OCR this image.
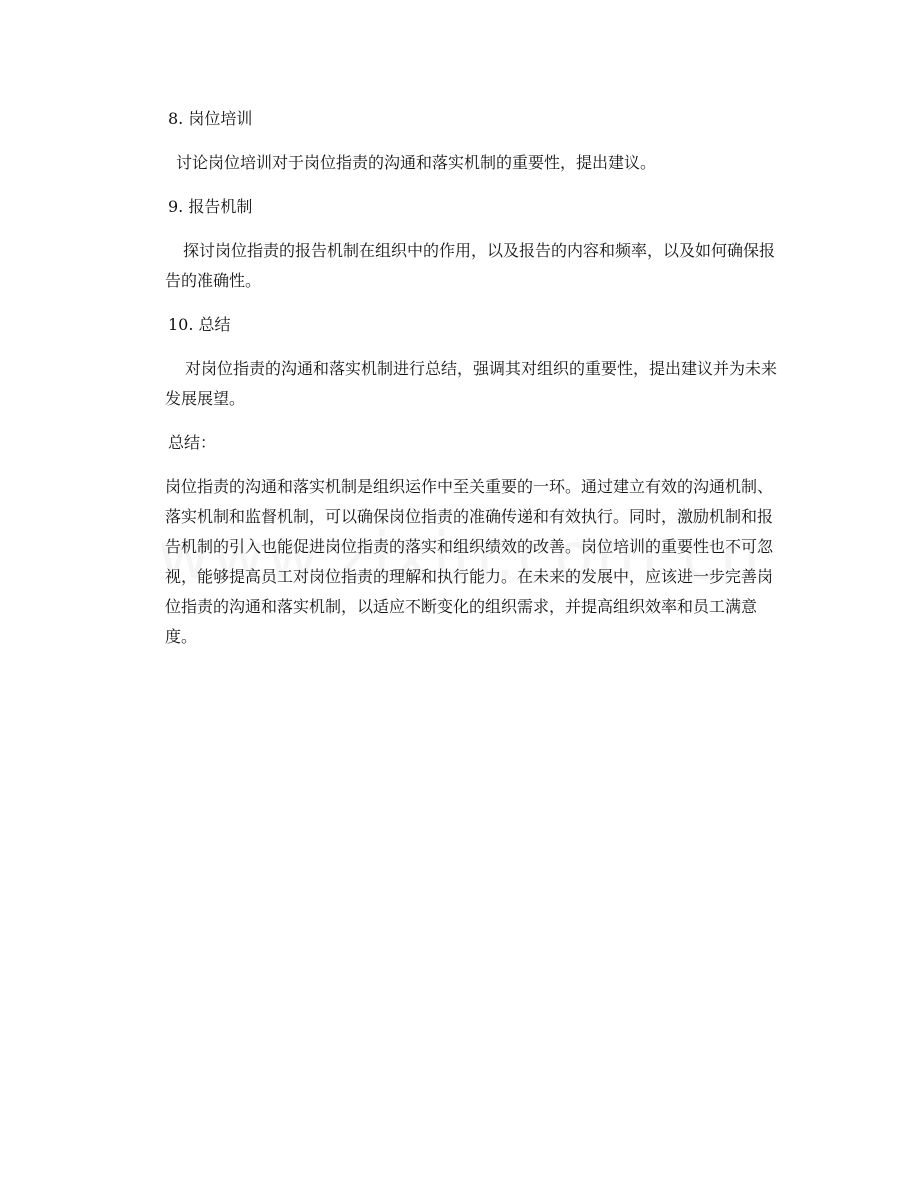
8. 岗位培训

讨论岗位培训对于岗位指责的沟通和落实机制的重要性，提出建议。

9. 报告机制

探讨岗位指责的报告机制在组织中的作用，以及报告的内容和频率，以及如何确保报告的准确性。

10. 总结

对岗位指责的沟通和落实机制进行总结，强调其对组织的重要性，提出建议并为未来发展展望。

总结：

岗位指责的沟通和落实机制是组织运作中至关重要的一环。通过建立有效的沟通机制、落实机制和监督机制，可以确保岗位指责的准确传递和有效执行。同时，激励机制和报告机制的引入也能促进岗位指责的落实和组织绩效的改善。岗位培训的重要性也不可忽视，能够提高员工对岗位指责的理解和执行能力。在未来的发展中，应该进一步完善岗位指责的沟通和落实机制，以适应不断变化的组织需求，并提高组织效率和员工满意度。
